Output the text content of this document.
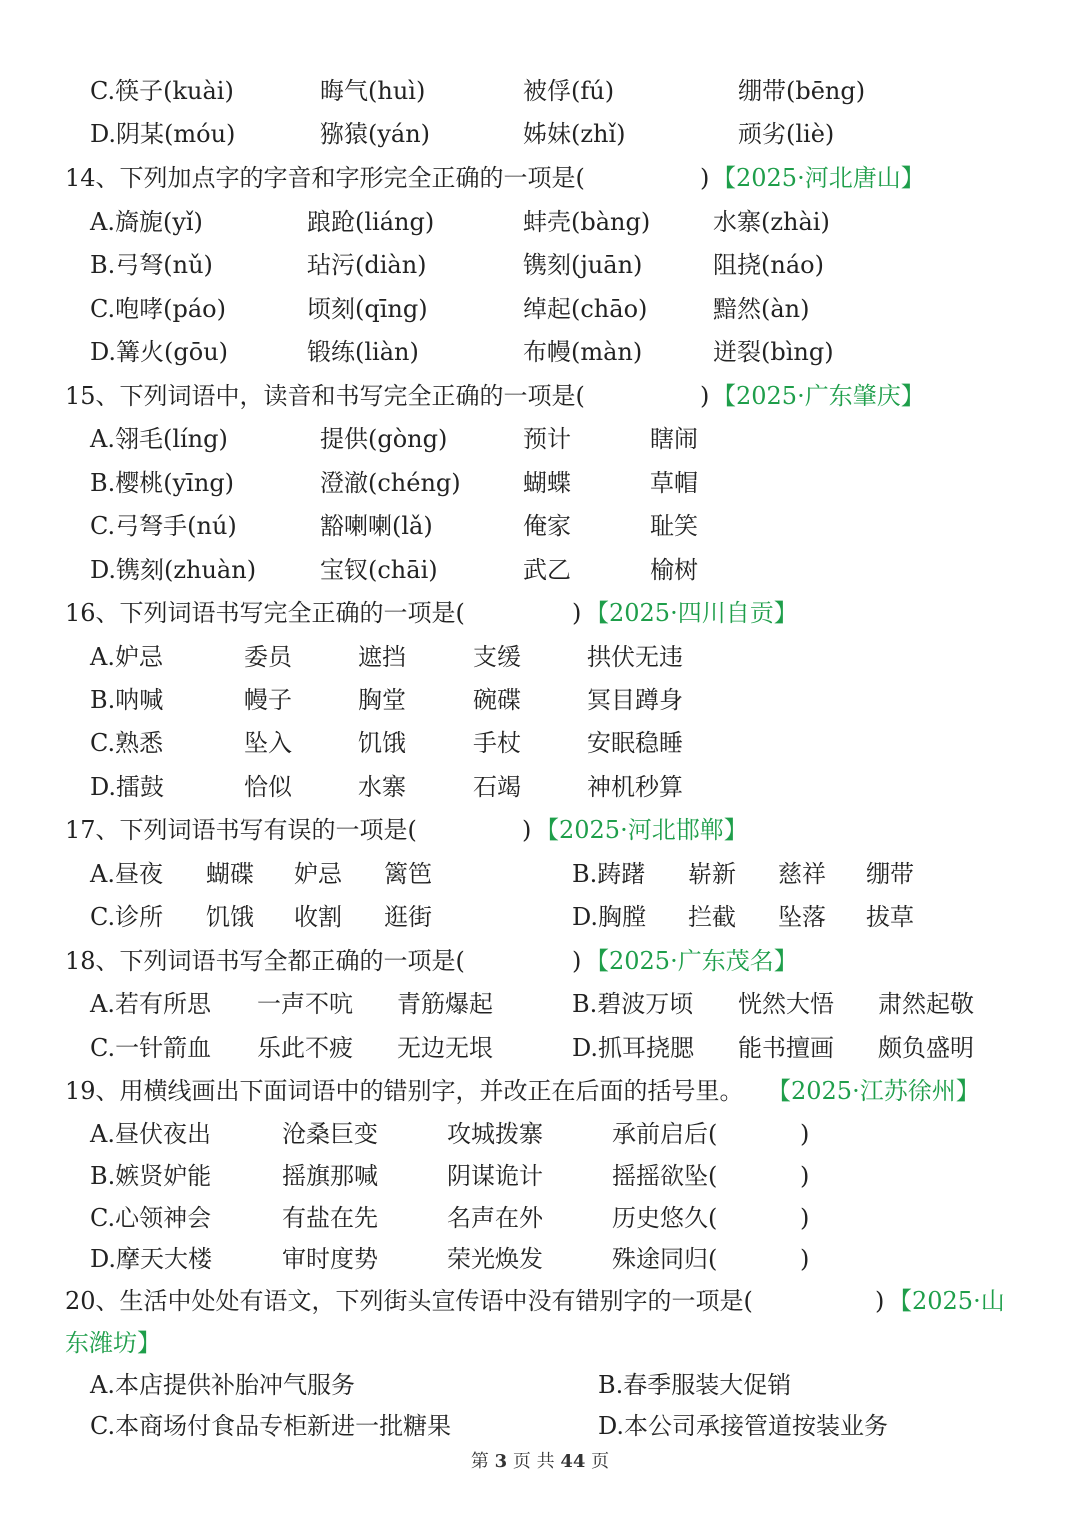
C.筷子(kuài)	晦气(huì)	被俘(fú)	绷带(bēng)
D.阴某(móu)	猕猿(yán)	姊妹(zhǐ)	顽劣(liè)
14、下列加点字的字音和字形完全正确的一项是(	) 【2025·河北唐山】
A.旖旎(yǐ)	踉跄(liáng)	蚌壳(bàng)	水寨(zhài)
B.弓弩(nǔ)	玷污(diàn)	镌刻(juān)	阻挠(náo)
C.咆哮(páo)	顷刻(qīng)	绰起(chāo)	黯然(àn)
D.篝火(gōu)	锻练(liàn)	布幔(màn)	迸裂(bìng)
15、下列词语中，读音和书写完全正确的一项是(	) 【2025·广东肇庆】
A.翎毛(líng)	提供(gòng)	预计	瞎闹
B.樱桃(yīng)	澄澈(chéng)	蝴蝶	草帽
C.弓弩手(nú)	豁喇喇(lǎ)	俺家	耻笑
D.镌刻(zhuàn)	宝钗(chāi)	武乙	榆树
16、下列词语书写完全正确的一项是(	) 【2025·四川自贡】
A.妒忌	委员	遮挡	支缓	拱伏无违
B.呐喊	幔子	胸堂	碗碟	冥目蹲身
C.熟悉	坠入	饥饿	手杖	安眠稳睡
D.擂鼓	恰似	水寨	石竭	神机秒算
17、下列词语书写有误的一项是(	) 【2025·河北邯郸】
A.昼夜 蝴碟 妒忌 篱笆	B.踌躇 崭新 慈祥 绷带
C.诊所 饥饿 收割 逛街	D.胸膛 拦截 坠落 拔草
18、下列词语书写全都正确的一项是(	) 【2025·广东茂名】
A.若有所思 一声不吭 青筋爆起	B.碧波万顷 恍然大悟 肃然起敬
C.一针箭血 乐此不疲 无边无垠	D.抓耳挠腮 能书擅画 颇负盛明
19、用横线画出下面词语中的错别字，并改正在后面的括号里。 【2025·江苏徐州】
A.昼伏夜出	沧桑巨变	攻城拨寨	承前启后(	)
B.嫉贤妒能	摇旗那喊	阴谋诡计	摇摇欲坠(	)
C.心领神会	有盐在先	名声在外	历史悠久(	)
D.摩天大楼	审时度势	荣光焕发	殊途同归(	)
20、生活中处处有语文，下列街头宣传语中没有错别字的一项是(	) 【2025·山
东潍坊】
A.本店提供补胎冲气服务	B.春季服装大促销
C.本商场付食品专柜新进一批糖果	D.本公司承接管道按装业务
第 3 页 共 44 页
